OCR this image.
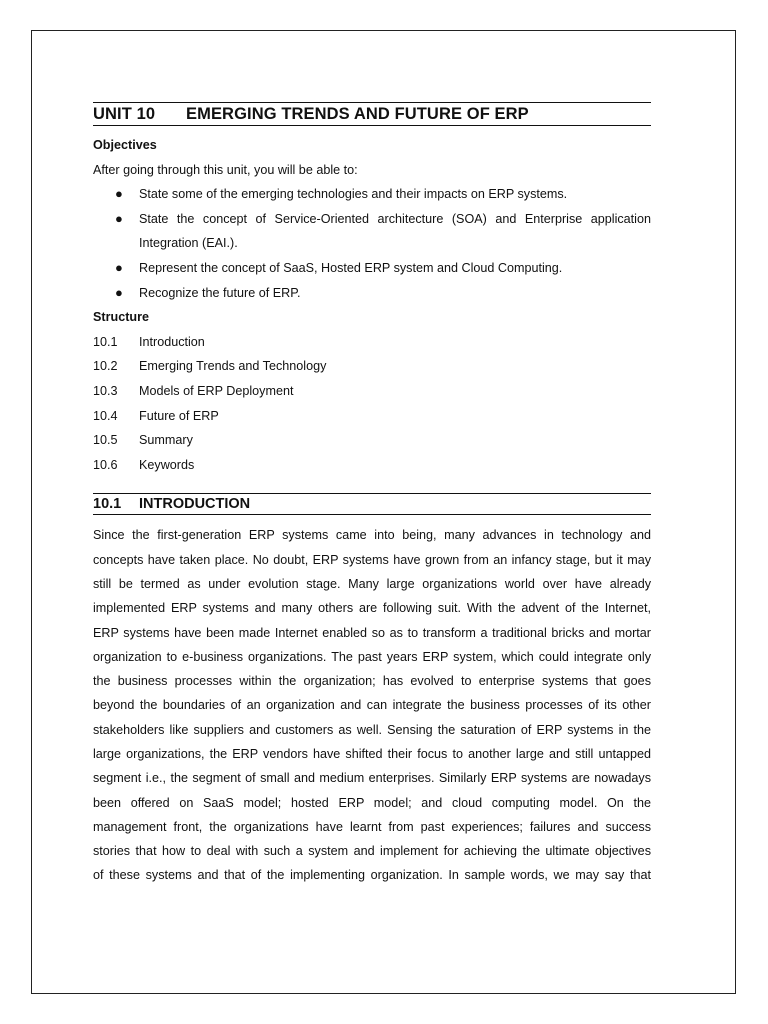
UNIT 10	EMERGING TRENDS AND FUTURE OF ERP
Objectives
After going through this unit, you will be able to:
● State some of the emerging technologies and their impacts on ERP systems.
● State the concept of Service-Oriented architecture (SOA) and Enterprise application Integration (EAI.).
● Represent the concept of SaaS, Hosted ERP system and Cloud Computing.
● Recognize the future of ERP.
Structure
10.1	Introduction
10.2	Emerging Trends and Technology
10.3	Models of ERP Deployment
10.4	Future of ERP
10.5	Summary
10.6	Keywords
10.1	INTRODUCTION
Since the first-generation ERP systems came into being, many advances in technology and
concepts have taken place. No doubt, ERP systems have grown from an infancy stage, but it may
still be termed as under evolution stage. Many large organizations world over have already
implemented ERP systems and many others are following suit. With the advent of the Internet,
ERP systems have been made Internet enabled so as to transform a traditional bricks and mortar
organization to e-business organizations. The past years ERP system, which could integrate only
the business processes within the organization; has evolved to enterprise systems that goes
beyond the boundaries of an organization and can integrate the business processes of its other
stakeholders like suppliers and customers as well. Sensing the saturation of ERP systems in the
large organizations, the ERP vendors have shifted their focus to another large and still untapped
segment i.e., the segment of small and medium enterprises. Similarly ERP systems are nowadays
been offered on SaaS model; hosted ERP model; and cloud computing model. On the
management front, the organizations have learnt from past experiences; failures and success
stories that how to deal with such a system and implement for achieving the ultimate objectives
of these systems and that of the implementing organization. In sample words, we may say that
